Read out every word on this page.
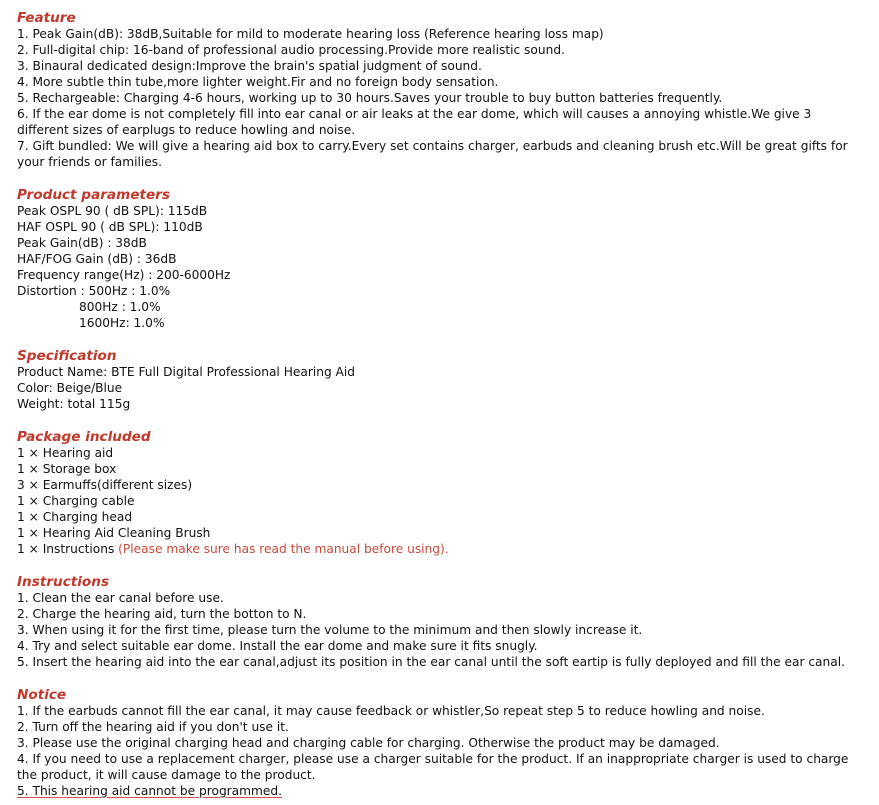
Feature
1. Peak Gain(dB): 38dB,Suitable for mild to moderate hearing loss (Reference hearing loss map)
2. Full-digital chip: 16-band of professional audio processing.Provide more realistic sound.
3. Binaural dedicated design:Improve the brain's spatial judgment of sound.
4. More subtle thin tube,more lighter weight.Fir and no foreign body sensation.
5. Rechargeable: Charging 4-6 hours, working up to 30 hours.Saves your trouble to buy button batteries frequently.
6. If the ear dome is not completely fill into ear canal or air leaks at the ear dome, which will causes a annoying whistle.We give 3 different sizes of earplugs to reduce howling and noise.
7. Gift bundled: We will give a hearing aid box to carry.Every set contains charger, earbuds and cleaning brush etc.Will be great gifts for your friends or families.
Product parameters
Peak OSPL 90 ( dB SPL): 115dB
HAF OSPL 90 ( dB SPL): 110dB
Peak Gain(dB) : 38dB
HAF/FOG Gain (dB) : 36dB
Frequency range(Hz) : 200-6000Hz
Distortion : 500Hz : 1.0%
800Hz : 1.0%
1600Hz: 1.0%
Specification
Product Name: BTE Full Digital Professional Hearing Aid
Color: Beige/Blue
Weight: total 115g
Package included
1 × Hearing aid
1 × Storage box
3 × Earmuffs(different sizes)
1 × Charging cable
1 × Charging head
1 × Hearing Aid Cleaning Brush
1 × Instructions (Please make sure has read the manual before using).
Instructions
1. Clean the ear canal before use.
2. Charge the hearing aid, turn the botton to N.
3. When using it for the first time, please turn the volume to the minimum and then slowly increase it.
4. Try and select suitable ear dome. Install the ear dome and make sure it fits snugly.
5. Insert the hearing aid into the ear canal,adjust its position in the ear canal until the soft eartip is fully deployed and fill the ear canal.
Notice
1. If the earbuds cannot fill the ear canal, it may cause feedback or whistler,So repeat step 5 to reduce howling and noise.
2. Turn off the hearing aid if you don't use it.
3. Please use the original charging head and charging cable for charging. Otherwise the product may be damaged.
4. If you need to use a replacement charger, please use a charger suitable for the product. If an inappropriate charger is used to charge the product, it will cause damage to the product.
5. This hearing aid cannot be programmed.
